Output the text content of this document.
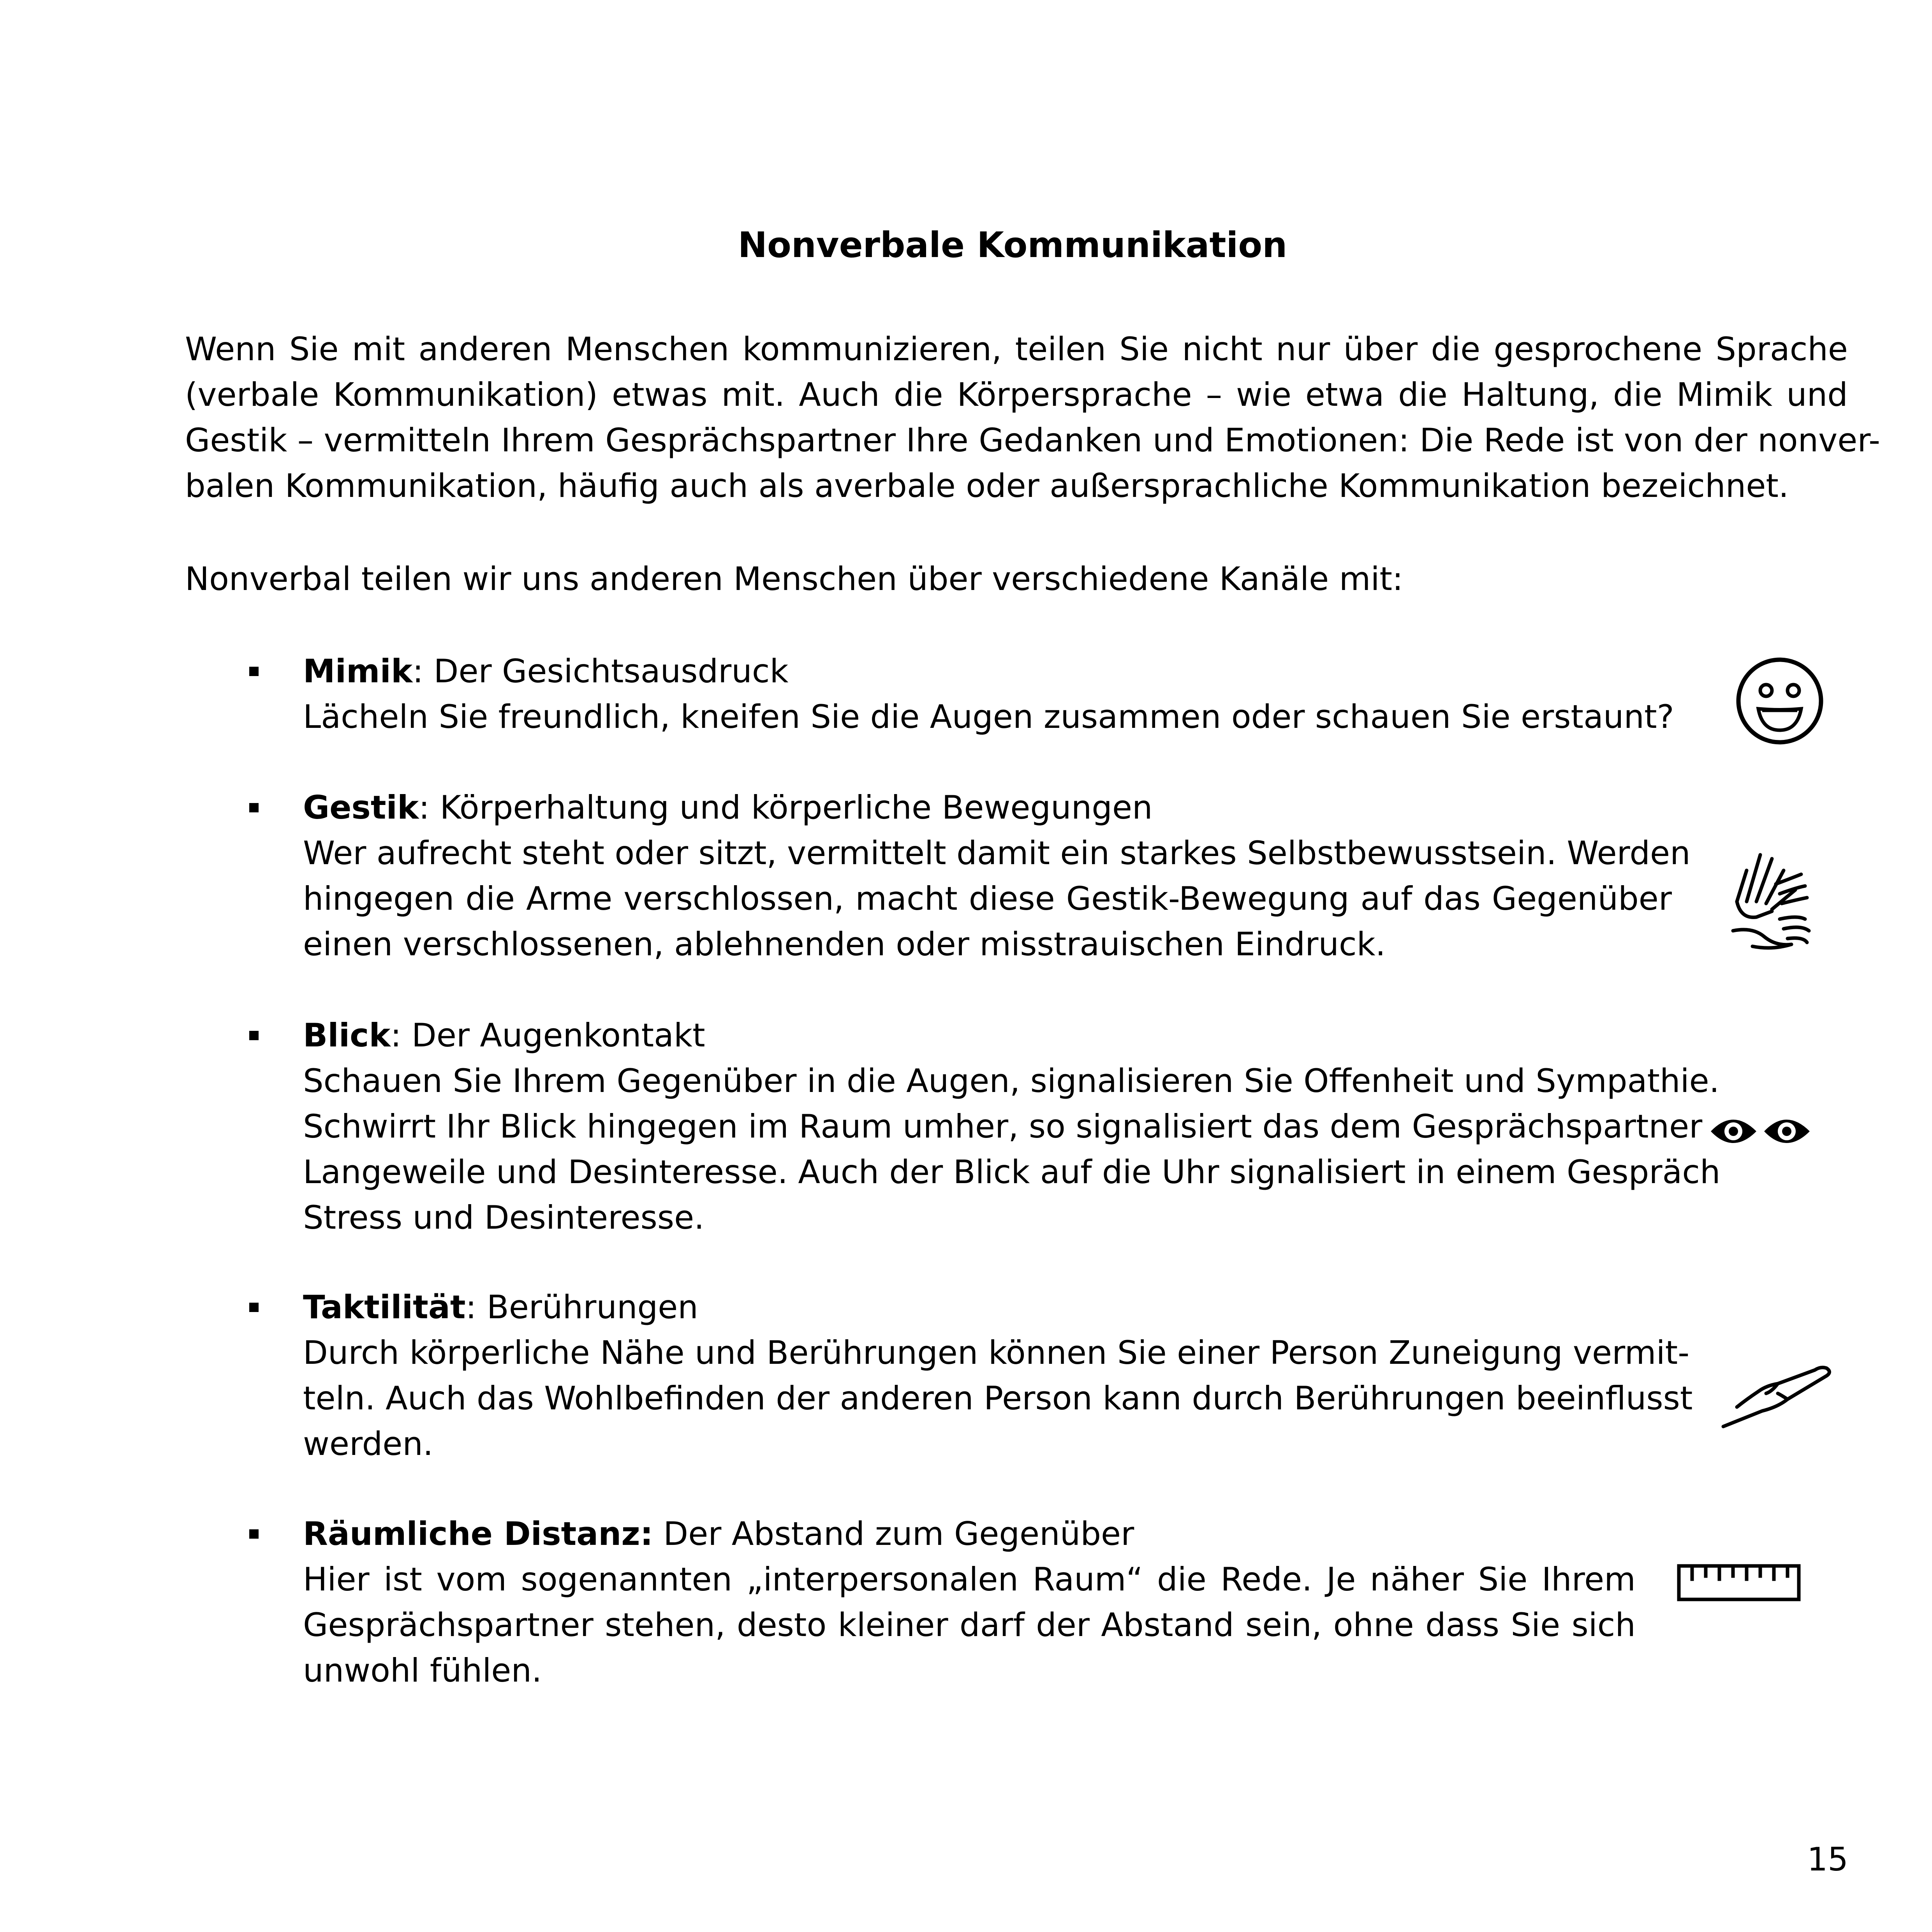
Nonverbale Kommunikation
Wenn Sie mit anderen Menschen kommunizieren, teilen Sie nicht nur über die gesprochene Sprache
(verbale Kommunikation) etwas mit. Auch die Körpersprache – wie etwa die Haltung, die Mimik und
Gestik – vermitteln Ihrem Gesprächspartner Ihre Gedanken und Emotionen: Die Rede ist von der nonver-
balen Kommunikation, häufig auch als averbale oder außersprachliche Kommunikation bezeichnet.
Nonverbal teilen wir uns anderen Menschen über verschiedene Kanäle mit:
Mimik: Der Gesichtsausdruck
Lächeln Sie freundlich, kneifen Sie die Augen zusammen oder schauen Sie erstaunt?
Gestik: Körperhaltung und körperliche Bewegungen
Wer aufrecht steht oder sitzt, vermittelt damit ein starkes Selbstbewusstsein. Werden
hingegen die Arme verschlossen, macht diese Gestik-Bewegung auf das Gegenüber
einen verschlossenen, ablehnenden oder misstrauischen Eindruck.
Blick: Der Augenkontakt
Schauen Sie Ihrem Gegenüber in die Augen, signalisieren Sie Offenheit und Sympathie.
Schwirrt Ihr Blick hingegen im Raum umher, so signalisiert das dem Gesprächspartner
Langeweile und Desinteresse. Auch der Blick auf die Uhr signalisiert in einem Gespräch
Stress und Desinteresse.
Taktilität: Berührungen
Durch körperliche Nähe und Berührungen können Sie einer Person Zuneigung vermit-
teln. Auch das Wohlbefinden der anderen Person kann durch Berührungen beeinflusst
werden.
Räumliche Distanz: Der Abstand zum Gegenüber
Hier ist vom sogenannten „interpersonalen Raum“ die Rede. Je näher Sie Ihrem
Gesprächspartner stehen, desto kleiner darf der Abstand sein, ohne dass Sie sich
unwohl fühlen.
15
